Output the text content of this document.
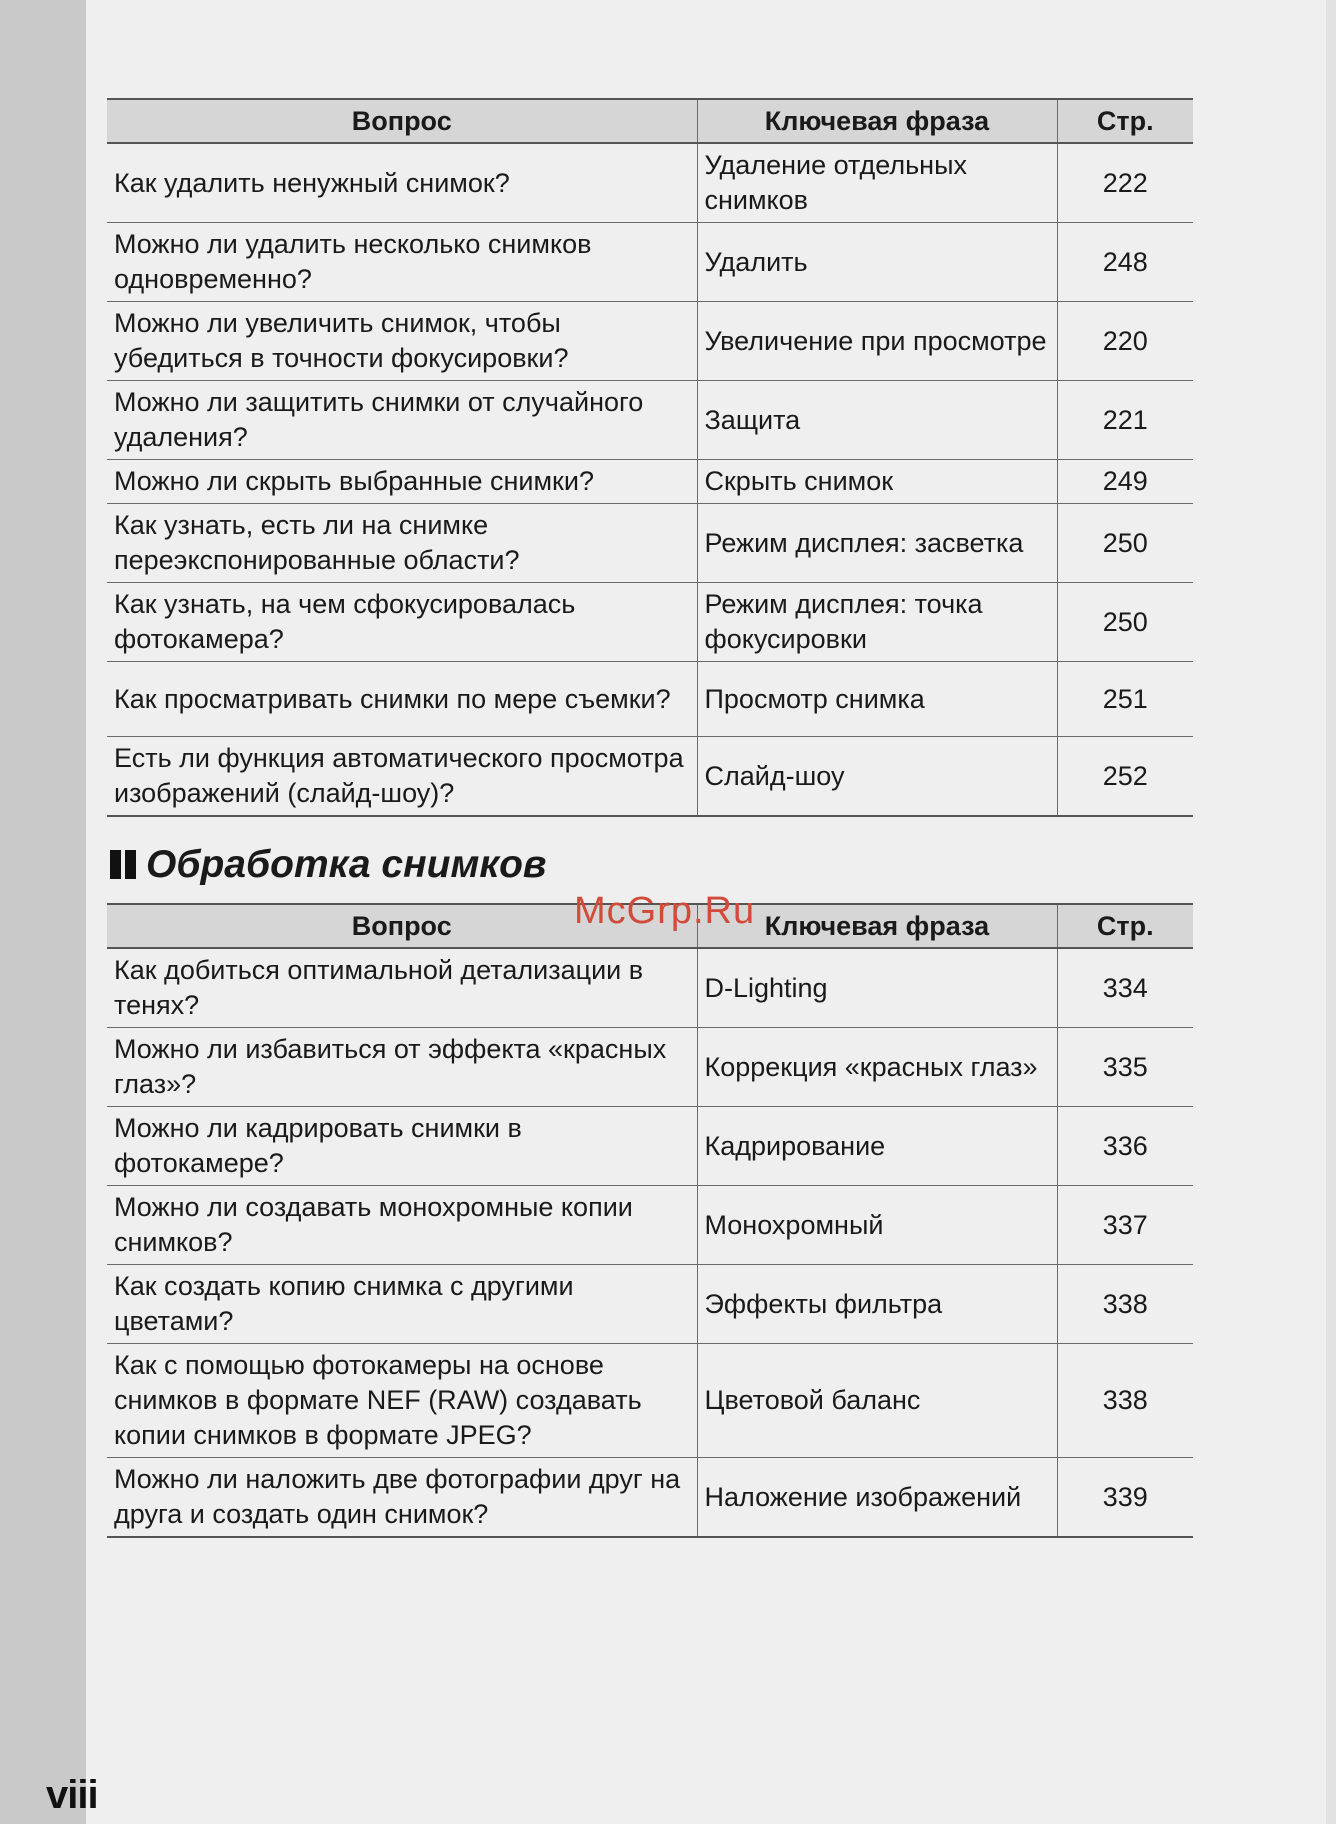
Вопрос	Ключевая фраза	Стр.
Как удалить ненужный снимок?	Удаление отдельных снимков	222
Можно ли удалить несколько снимков одновременно?	Удалить	248
Можно ли увеличить снимок, чтобы убедиться в точности фокусировки?	Увеличение при просмотре	220
Можно ли защитить снимки от случайного удаления?	Защита	221
Можно ли скрыть выбранные снимки?	Скрыть снимок	249
Как узнать, есть ли на снимке переэкспонированные области?	Режим дисплея: засветка	250
Как узнать, на чем сфокусировалась фотокамера?	Режим дисплея: точка фокусировки	250
Как просматривать снимки по мере съемки?	Просмотр снимка	251
Есть ли функция автоматического просмотра изображений (слайд-шоу)?	Слайд-шоу	252
Обработка снимков
Вопрос	Ключевая фраза	Стр.
Как добиться оптимальной детализации в тенях?	D-Lighting	334
Можно ли избавиться от эффекта «красных глаз»?	Коррекция «красных глаз»	335
Можно ли кадрировать снимки в фотокамере?	Кадрирование	336
Можно ли создавать монохромные копии снимков?	Монохромный	337
Как создать копию снимка с другими цветами?	Эффекты фильтра	338
Как с помощью фотокамеры на основе снимков в формате NEF (RAW) создавать копии снимков в формате JPEG?	Цветовой баланс	338
Можно ли наложить две фотографии друг на друга и создать один снимок?	Наложение изображений	339
McGrp.Ru
viii
